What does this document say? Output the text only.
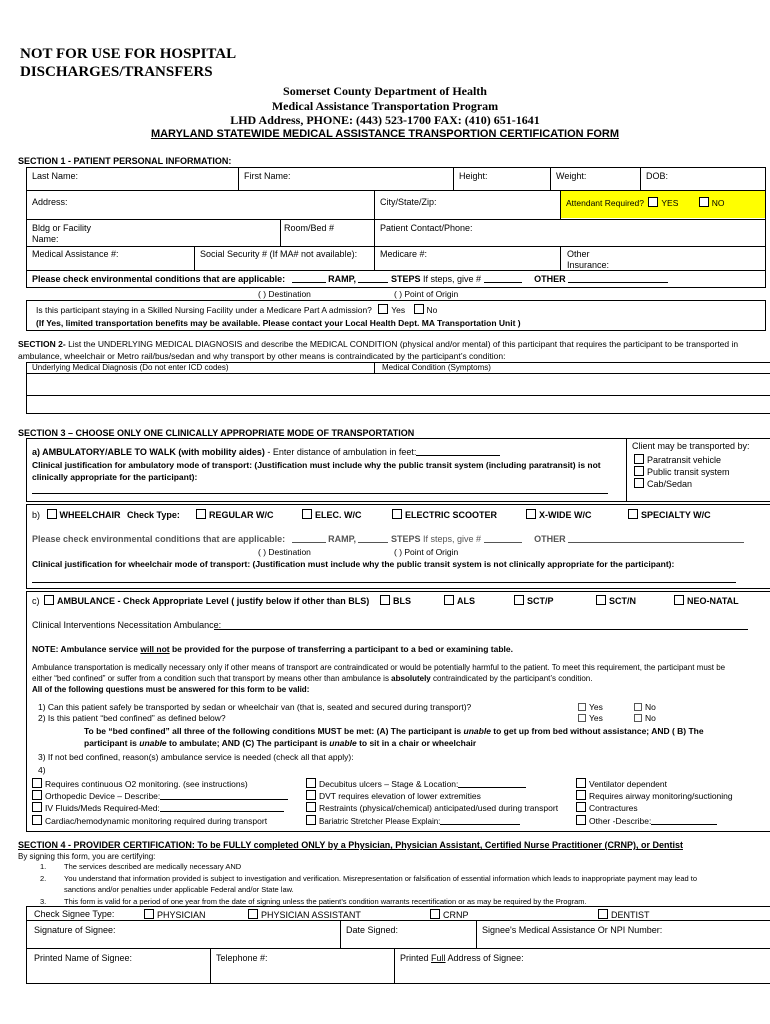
NOT FOR USE FOR HOSPITAL
DISCHARGES/TRANSFERS
Somerset County Department of Health
Medical Assistance Transportation Program
LHD Address, PHONE: (443) 523-1700 FAX: (410) 651-1641
MARYLAND STATEWIDE MEDICAL ASSISTANCE TRANSPORTION CERTIFICATION FORM
SECTION 1 - PATIENT PERSONAL INFORMATION:
Last Name:	First Name:	Height:	Weight:	DOB:
Address:	City/State/Zip:	Attendant Required? YES	NO
Bldg or Facility
Name:
Room/Bed #	Patient Contact/Phone:
Medical Assistance #:	Social Security # (If MA# not available):	Medicare #:	Other
Insurance:
Please check environmental conditions that are applicable:	RAMP,	STEPS If steps, give #	OTHER
( ) Destination	( ) Point of Origin
Is this participant staying in a Skilled Nursing Facility under a Medicare Part A admission? Yes	No
(If Yes, limited transportation benefits may be available. Please contact your Local Health Dept. MA Transportation Unit )
SECTION 2- List the UNDERLYING MEDICAL DIAGNOSIS and describe the MEDICAL CONDITION (physical and/or mental) of this participant that requires the participant to be transported in
ambulance, wheelchair or Metro rail/bus/sedan and why transport by other means is contraindicated by the participant’s condition:
Underlying Medical Diagnosis (Do not enter ICD codes)	Medical Condition (Symptoms)
SECTION 3 – CHOOSE ONLY ONE CLINICALLY APPROPRIATE MODE OF TRANSPORTATION
a) AMBULATORY/ABLE TO WALK (with mobility aides) - Enter distance of ambulation in feet:
Clinical justification for ambulatory mode of transport: (Justification must include why the public transit system (including paratransit) is not
clinically appropriate for the participant):
Client may be transported by:
Paratransit vehicle
Public transit system
Cab/Sedan
b) WHEELCHAIR Check Type:	REGULAR W/C	ELEC. W/C	ELECTRIC SCOOTER	X-WIDE W/C	SPECIALTY W/C
Please check environmental conditions that are applicable:	RAMP,	STEPS If steps, give #	OTHER
( ) Destination	( ) Point of Origin
Clinical justification for wheelchair mode of transport: (Justification must include why the public transit system is not clinically appropriate for the participant):
c) AMBULANCE - Check Appropriate Level ( justify below if other than BLS)	BLS	ALS	SCT/P	SCT/N	NEO-NATAL
Clinical Interventions Necessitation Ambulance:
NOTE: Ambulance service will not be provided for the purpose of transferring a participant to a bed or examining table.
Ambulance transportation is medically necessary only if other means of transport are contraindicated or would be potentially harmful to the patient. To meet this requirement, the participant must be
either “bed confined” or suffer from a condition such that transport by means other than ambulance is absolutely contraindicated by the participant’s condition.
All of the following questions must be answered for this form to be valid:
1) Can this patient safely be transported by sedan or wheelchair van (that is, seated and secured during transport)?
2) Is this patient “bed confined” as defined below?
Yes	No
Yes	No
To be “bed confined” all three of the following conditions MUST be met: (A) The participant is unable to get up from bed without assistance; AND ( B) The
participant is unable to ambulate; AND (C) The participant is unable to sit in a chair or wheelchair
3) If not bed confined, reason(s) ambulance service is needed (check all that apply):
4)
Requires continuous O2 monitoring. (see instructions)
Orthopedic Device – Describe:
IV Fluids/Meds Required-Med:
Cardiac/hemodynamic monitoring required during transport
Decubitus ulcers – Stage & Location:
DVT requires elevation of lower extremities
Restraints (physical/chemical) anticipated/used during transport
Bariatric Stretcher Please Explain:
Ventilator dependent
Requires airway monitoring/suctioning
Contractures
Other -Describe:
SECTION 4 - PROVIDER CERTIFICATION: To be FULLY completed ONLY by a Physician, Physician Assistant, Certified Nurse Practitioner (CRNP), or Dentist
By signing this form, you are certifying:
1. The services described are medically necessary AND
2. You understand that information provided is subject to investigation and verification. Misrepresentation or falsification of essential information which leads to inappropriate payment may lead to
sanctions and/or penalties under applicable Federal and/or State law.
3. This form is valid for a period of one year from the date of signing unless the patient’s condition warrants recertification or as may be required by the Program.
Check Signee Type:	PHYSICIAN	PHYSICIAN ASSISTANT	CRNP	DENTIST
Signature of Signee:	Date Signed:	Signee's Medical Assistance Or NPI Number:
Printed Name of Signee:	Telephone #:	Printed Full Address of Signee:
